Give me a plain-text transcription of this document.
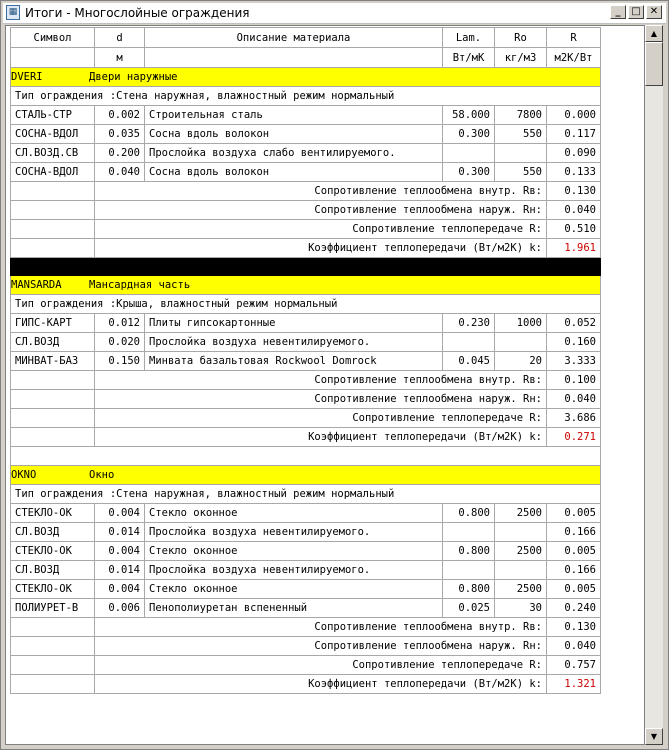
▦ Итоги - Многослойные ограждения	_	□ ✕
Символ	d	Описание материала	Lam.	Ro	R
	м		Вт/мК	кг/м3	м2К/Вт
DVERI Двери наружные					
Тип ограждения :Стена наружная, влажностный режим нормальный					
СТАЛЬ-СТР	0.002	Строительная сталь	58.000	7800	0.000
СОСНА-ВДОЛ	0.035	Сосна вдоль волокон	0.300	550	0.117
СЛ.ВОЗД.СВ	0.200	Прослойка воздуха слабо вентилируемого.			0.090
СОСНА-ВДОЛ	0.040	Сосна вдоль волокон	0.300	550	0.133
	Сопротивление теплообмена внутр. Rв:				0.130
	Сопротивление теплообмена наруж. Rн:				0.040
	Сопротивление теплопередаче R:				0.510
	Коэффициент теплопередачи (Вт/м2К) k:				1.961

MANSARDA Мансардная часть					
Тип ограждения :Крыша, влажностный режим нормальный					
ГИПС-КАРТ	0.012	Плиты гипсокартонные	0.230	1000	0.052
СЛ.ВОЗД	0.020	Прослойка воздуха невентилируемого.			0.160
МИНВАТ-БАЗ	0.150	Минвата базальтовая Rockwool Domrock	0.045	20	3.333
	Сопротивление теплообмена внутр. Rв:				0.100
	Сопротивление теплообмена наруж. Rн:				0.040
	Сопротивление теплопередаче R:				3.686
	Коэффициент теплопередачи (Вт/м2К) k:				0.271

OKNO Окно					
Тип ограждения :Стена наружная, влажностный режим нормальный					
СТЕКЛО-ОК	0.004	Стекло оконное	0.800	2500	0.005
СЛ.ВОЗД	0.014	Прослойка воздуха невентилируемого.			0.166
СТЕКЛО-ОК	0.004	Стекло оконное	0.800	2500	0.005
СЛ.ВОЗД	0.014	Прослойка воздуха невентилируемого.			0.166
СТЕКЛО-ОК	0.004	Стекло оконное	0.800	2500	0.005
ПОЛИУРЕТ-В	0.006	Пенополиуретан вспененный	0.025	30	0.240
	Сопротивление теплообмена внутр. Rв:				0.130
	Сопротивление теплообмена наруж. Rн:				0.040
	Сопротивление теплопередаче R:				0.757
	Коэффициент теплопередачи (Вт/м2К) k:				1.321
▲
▼
